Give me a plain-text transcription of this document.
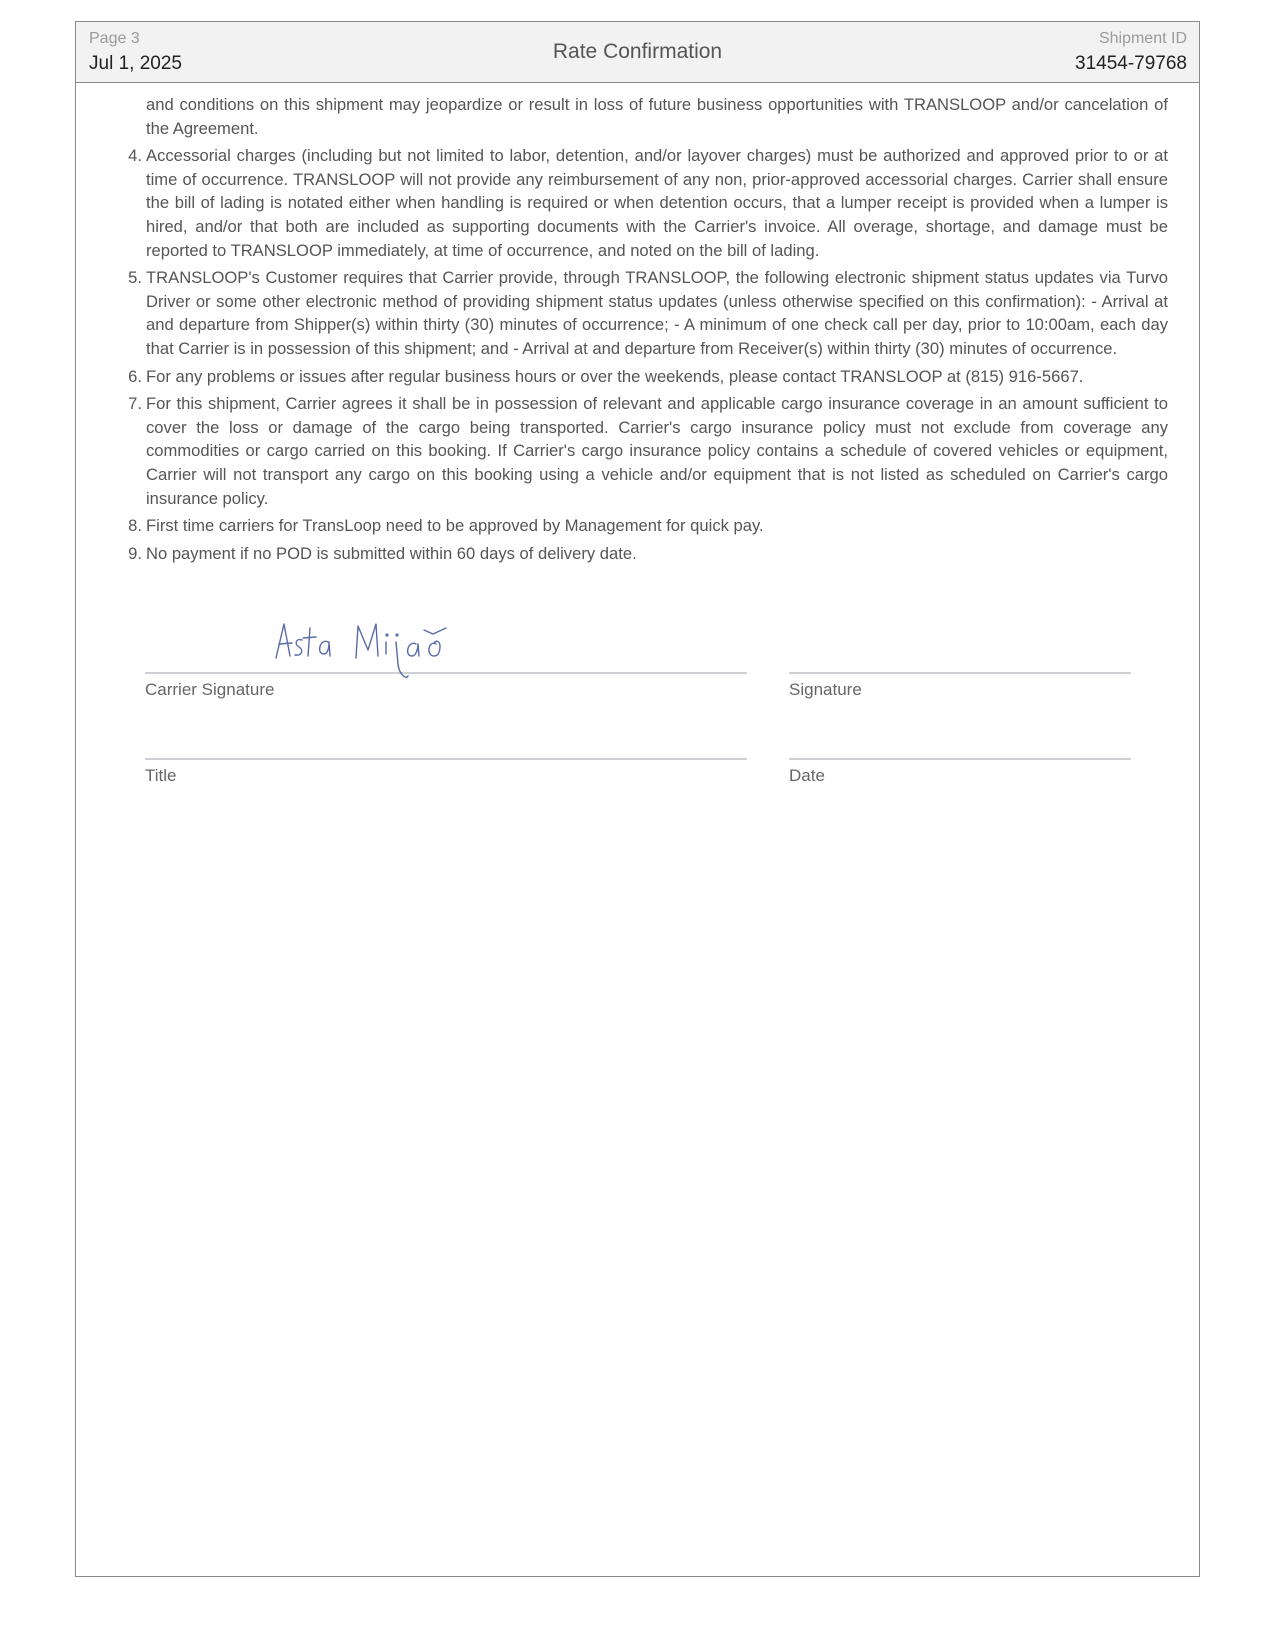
Page 3
Jul 1, 2025
Rate Confirmation
Shipment ID
31454-79768

and conditions on this shipment may jeopardize or result in loss of future business opportunities with TRANSLOOP and/or cancelation of the Agreement.

4. Accessorial charges (including but not limited to labor, detention, and/or layover charges) must be authorized and approved prior to or at time of occurrence. TRANSLOOP will not provide any reimbursement of any non, prior-approved accessorial charges. Carrier shall ensure the bill of lading is notated either when handling is required or when detention occurs, that a lumper receipt is provided when a lumper is hired, and/or that both are included as supporting documents with the Carrier's invoice. All overage, shortage, and damage must be reported to TRANSLOOP immediately, at time of occurrence, and noted on the bill of lading.
5. TRANSLOOP's Customer requires that Carrier provide, through TRANSLOOP, the following electronic shipment status updates via Turvo Driver or some other electronic method of providing shipment status updates (unless otherwise specified on this confirmation): - Arrival at and departure from Shipper(s) within thirty (30) minutes of occurrence; - A minimum of one check call per day, prior to 10:00am, each day that Carrier is in possession of this shipment; and - Arrival at and departure from Receiver(s) within thirty (30) minutes of occurrence.
6. For any problems or issues after regular business hours or over the weekends, please contact TRANSLOOP at (815) 916-5667.
7. For this shipment, Carrier agrees it shall be in possession of relevant and applicable cargo insurance coverage in an amount sufficient to cover the loss or damage of the cargo being transported. Carrier's cargo insurance policy must not exclude from coverage any commodities or cargo carried on this booking. If Carrier's cargo insurance policy contains a schedule of covered vehicles or equipment, Carrier will not transport any cargo on this booking using a vehicle and/or equipment that is not listed as scheduled on Carrier's cargo insurance policy.
8. First time carriers for TransLoop need to be approved by Management for quick pay.
9. No payment if no POD is submitted within 60 days of delivery date.
Carrier Signature	Signature
Title	Date
